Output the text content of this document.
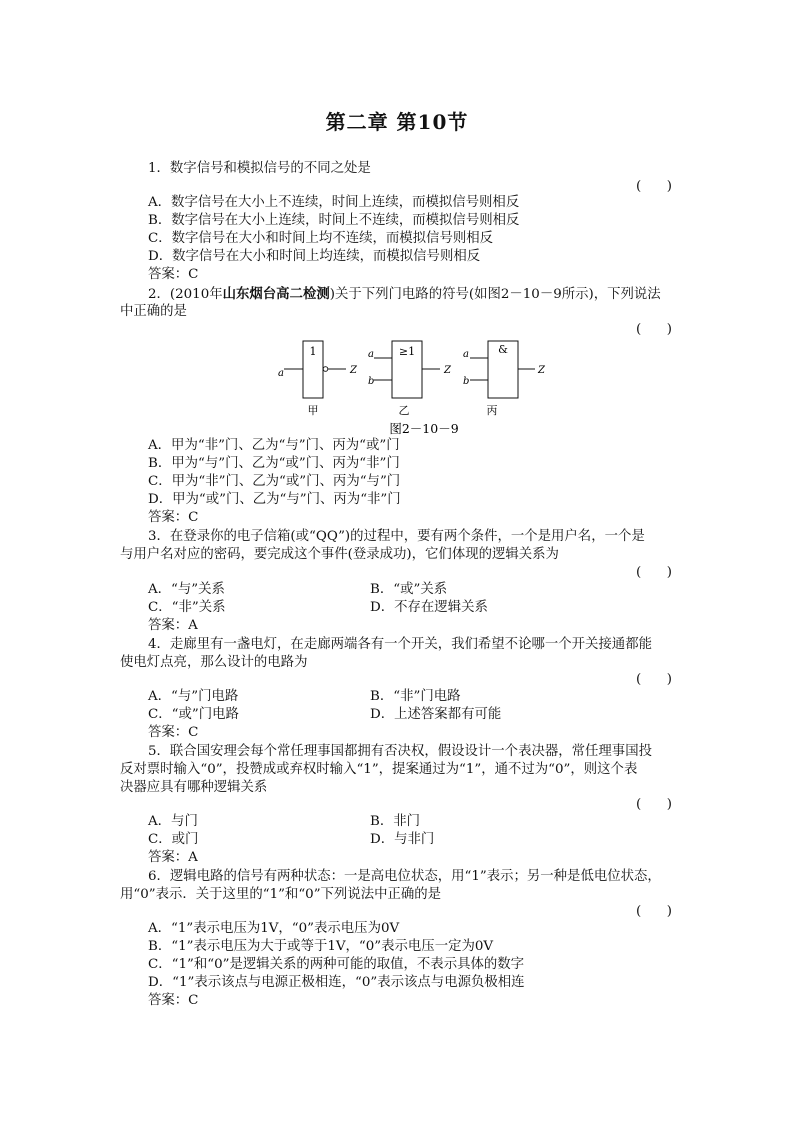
第二章 第10节
1．数字信号和模拟信号的不同之处是
(      )
A．数字信号在大小上不连续，时间上连续，而模拟信号则相反
B．数字信号在大小上连续，时间上不连续，而模拟信号则相反
C．数字信号在大小和时间上均不连续，而模拟信号则相反
D．数字信号在大小和时间上均连续，而模拟信号则相反
答案：C
2．(2010年山东烟台高二检测)关于下列门电路的符号(如图2－10－9所示)，下列说法
中正确的是
(      )
1
a	Z
甲
≥1
a
b
Z
乙
&
a
b
Z
丙
图2－10－9
A．甲为“非”门、乙为“与”门、丙为“或”门
B．甲为“与”门、乙为“或”门、丙为“非”门
C．甲为“非”门、乙为“或”门、丙为“与”门
D．甲为“或”门、乙为“与”门、丙为“非”门
答案：C
3．在登录你的电子信箱(或“QQ”)的过程中，要有两个条件，一个是用户名，一个是
与用户名对应的密码，要完成这个事件(登录成功)，它们体现的逻辑关系为
(      )
A．“与”关系	B．“或”关系
C．“非”关系	D．不存在逻辑关系
答案：A
4．走廊里有一盏电灯，在走廊两端各有一个开关，我们希望不论哪一个开关接通都能
使电灯点亮，那么设计的电路为
(      )
A．“与”门电路	B．“非”门电路
C．“或”门电路	D．上述答案都有可能
答案：C
5．联合国安理会每个常任理事国都拥有否决权，假设设计一个表决器，常任理事国投
反对票时输入“0”，投赞成或弃权时输入“1”，提案通过为“1”，通不过为“0”，则这个表
决器应具有哪种逻辑关系
(      )
A．与门	B．非门
C．或门	D．与非门
答案：A
6．逻辑电路的信号有两种状态：一是高电位状态，用“1”表示；另一种是低电位状态，
用“0”表示．关于这里的“1”和“0”下列说法中正确的是
(      )
A．“1”表示电压为1V，“0”表示电压为0V
B．“1”表示电压为大于或等于1V，“0”表示电压一定为0V
C．“1”和“0”是逻辑关系的两种可能的取值，不表示具体的数字
D．“1”表示该点与电源正极相连，“0”表示该点与电源负极相连
答案：C
